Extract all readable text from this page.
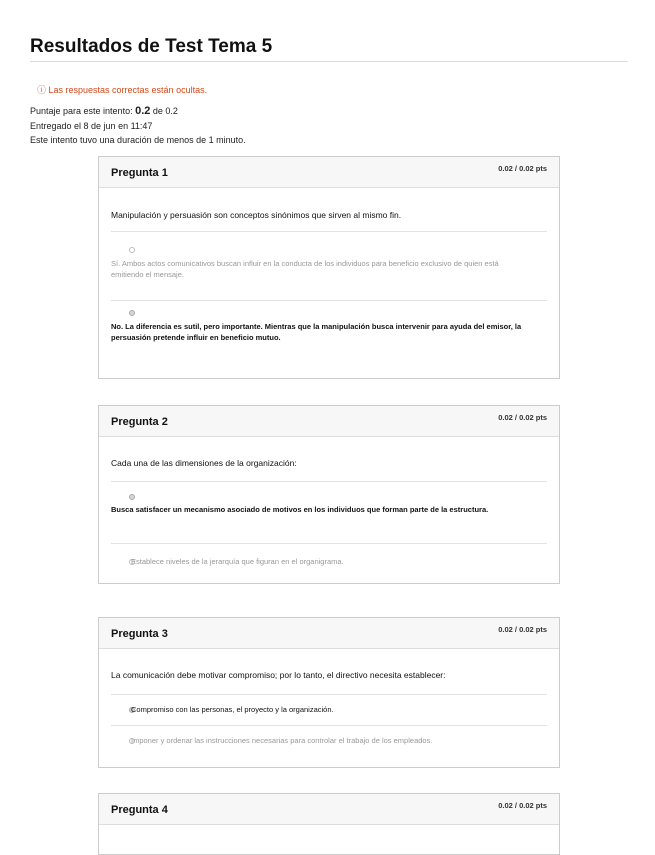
Resultados de Test Tema 5
ⓘ Las respuestas correctas están ocultas.
Puntaje para este intento: 0.2 de 0.2
Entregado el 8 de jun en 11:47
Este intento tuvo una duración de menos de 1 minuto.
Pregunta 1	0.02 / 0.02 pts
Manipulación y persuasión son conceptos sinónimos que sirven al mismo fin.
Sí. Ambos actos comunicativos buscan influir en la conducta de los individuos para beneficio exclusivo de quien está emitiendo el mensaje.
No. La diferencia es sutil, pero importante. Mientras que la manipulación busca intervenir para ayuda del emisor, la persuasión pretende influir en beneficio mutuo.
Pregunta 2	0.02 / 0.02 pts
Cada una de las dimensiones de la organización:
Busca satisfacer un mecanismo asociado de motivos en los individuos que forman parte de la estructura.
Establece niveles de la jerarquía que figuran en el organigrama.
Pregunta 3	0.02 / 0.02 pts
La comunicación debe motivar compromiso; por lo tanto, el directivo necesita establecer:
Compromiso con las personas, el proyecto y la organización.
Imponer y ordenar las instrucciones necesarias para controlar el trabajo de los empleados.
Pregunta 4	0.02 / 0.02 pts
